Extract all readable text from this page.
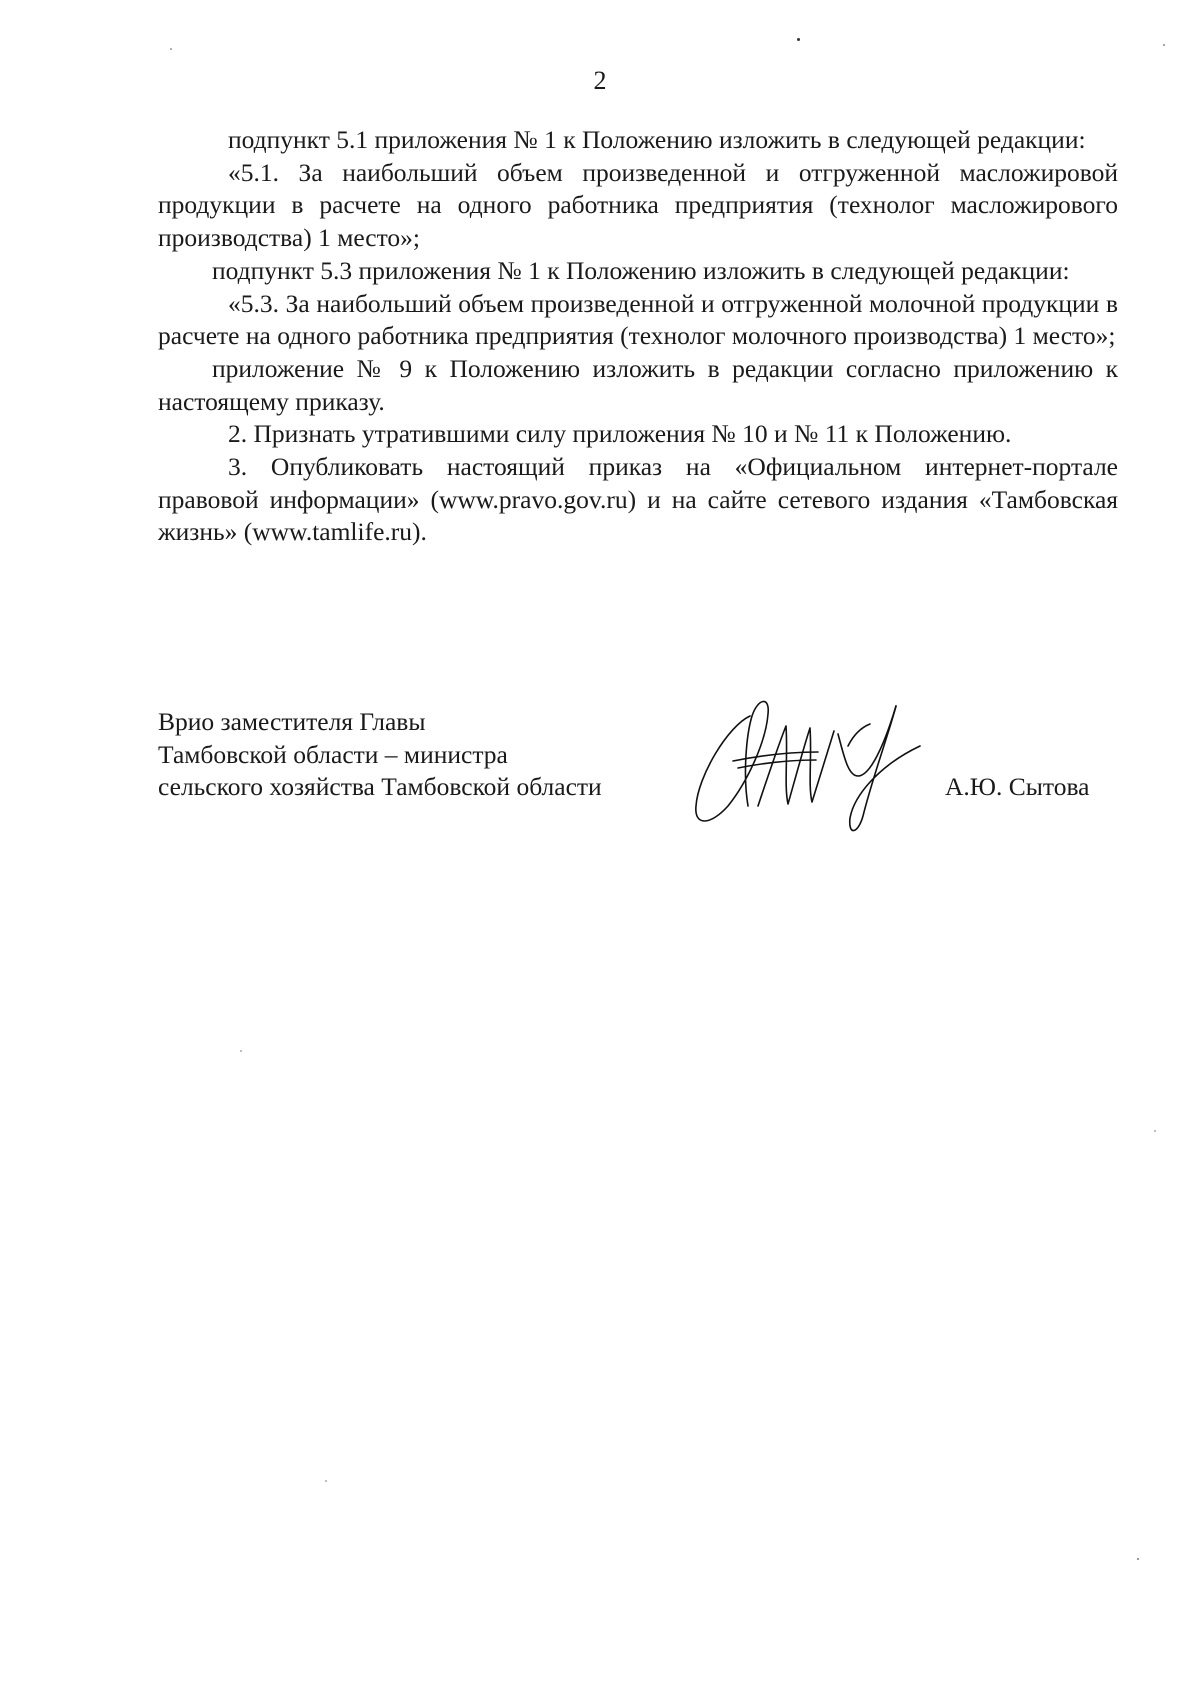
2

подпункт 5.1 приложения № 1 к Положению изложить в следующей редакции:

«5.1. За наибольший объем произведенной и отгруженной масложировой продукции в расчете на одного работника предприятия (технолог масложирового производства) 1 место»;

подпункт 5.3 приложения № 1 к Положению изложить в следующей редакции:

«5.3. За наибольший объем произведенной и отгруженной молочной продукции в расчете на одного работника предприятия (технолог молочного производства) 1 место»;

приложение № 9 к Положению изложить в редакции согласно приложению к настоящему приказу.

2. Признать утратившими силу приложения № 10 и № 11 к Положению.

3. Опубликовать настоящий приказ на «Официальном интернет-портале правовой информации» (www.pravo.gov.ru) и на сайте сетевого издания «Тамбовская жизнь» (www.tamlife.ru).

Врио заместителя Главы
Тамбовской области – министра
сельского хозяйства Тамбовской области	А.Ю. Сытова
